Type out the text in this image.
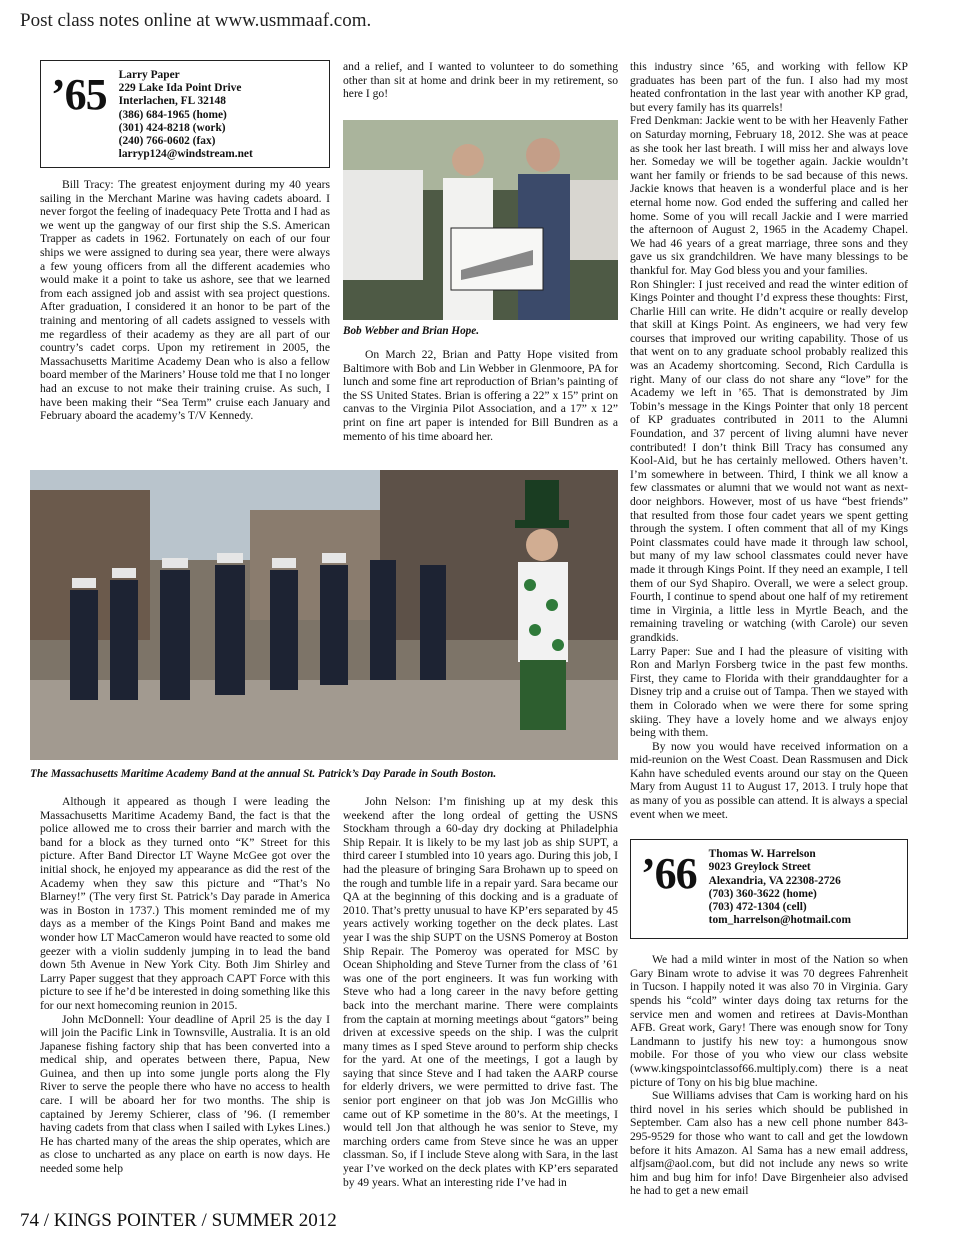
Post class notes online at www.usmmaaf.com.
’65 Larry Paper
229 Lake Ida Point Drive
Interlachen, FL 32148
(386) 684-1965 (home)
(301) 424-8218 (work)
(240) 766-0602 (fax)
larryp124@windstream.net

Bill Tracy: The greatest enjoyment during my 40 years sailing in the Merchant Marine was having cadets aboard. I never forgot the feeling of inadequacy Pete Trotta and I had as we went up the gangway of our first ship the S.S. American Trapper as cadets in 1962. Fortunately on each of our four ships we were assigned to during sea year, there were always a few young officers from all the different academies who would make it a point to take us ashore, see that we learned from each assigned job and assist with sea project questions. After graduation, I considered it an honor to be part of the training and mentoring of all cadets assigned to vessels with me regardless of their academy as they are all part of our country’s cadet corps. Upon my retirement in 2005, the Massachusetts Maritime Academy Dean who is also a fellow board member of the Mariners’ House told me that I no longer had an excuse to not make their training cruise. As such, I have been making their “Sea Term” cruise each January and February aboard the academy’s T/V Kennedy.

and a relief, and I wanted to volunteer to do something other than sit at home and drink beer in my retirement, so here I go!

Bob Webber and Brian Hope.

On March 22, Brian and Patty Hope visited from Baltimore with Bob and Lin Webber in Glenmoore, PA for lunch and some fine art reproduction of Brian’s painting of the SS United States. Brian is offering a 22” x 15” print on canvas to the Virginia Pilot Association, and a 17” x 12” print on fine art paper is intended for Bill Bundren as a memento of his time aboard her.

this industry since ’65, and working with fellow KP graduates has been part of the fun. I also had my most heated confrontation in the last year with another KP grad, but every family has its quarrels!

Fred Denkman: Jackie went to be with her Heavenly Father on Saturday morning, February 18, 2012. She was at peace as she took her last breath. I will miss her and always love her. Someday we will be together again. Jackie wouldn’t want her family or friends to be sad because of this news. Jackie knows that heaven is a wonderful place and is her eternal home now. God ended the suffering and called her home. Some of you will recall Jackie and I were married the afternoon of August 2, 1965 in the Academy Chapel. We had 46 years of a great marriage, three sons and they gave us six grandchildren. We have many blessings to be thankful for. May God bless you and your families.

Ron Shingler: I just received and read the winter edition of Kings Pointer and thought I’d express these thoughts: First, Charlie Hill can write. He didn’t acquire or really develop that skill at Kings Point. As engineers, we had very few courses that improved our writing capability. Those of us that went on to any graduate school probably realized this was an Academy shortcoming. Second, Rich Cardulla is right. Many of our class do not share any “love” for the Academy we left in ’65. That is demonstrated by Jim Tobin’s message in the Kings Pointer that only 18 percent of KP graduates contributed in 2011 to the Alumni Foundation, and 37 percent of living alumni have never contributed! I don’t think Bill Tracy has consumed any Kool-Aid, but he has certainly mellowed. Others haven’t. I’m somewhere in between. Third, I think we all know a few classmates or alumni that we would not want as next-door neighbors. However, most of us have “best friends” that resulted from those four cadet years we spent getting through the system. I often comment that all of my Kings Point classmates could have made it through law school, but many of my law school classmates could never have made it through Kings Point. If they need an example, I tell them of our Syd Shapiro. Overall, we were a select group. Fourth, I continue to spend about one half of my retirement time in Virginia, a little less in Myrtle Beach, and the remaining traveling or watching (with Carole) our seven grandkids.

Larry Paper: Sue and I had the pleasure of visiting with Ron and Marlyn Forsberg twice in the past few months. First, they came to Florida with their granddaughter for a Disney trip and a cruise out of Tampa. Then we stayed with them in Colorado when we were there for some spring skiing. They have a lovely home and we always enjoy being with them.

By now you would have received information on a mid-reunion on the West Coast. Dean Rassmusen and Dick Kahn have scheduled events around our stay on the Queen Mary from August 11 to August 17, 2013. I truly hope that as many of you as possible can attend. It is always a special event when we meet.

’66 Thomas W. Harrelson
9023 Greylock Street
Alexandria, VA 22308-2726
(703) 360-3622 (home)
(703) 472-1304 (cell)
tom_harrelson@hotmail.com

We had a mild winter in most of the Nation so when Gary Binam wrote to advise it was 70 degrees Fahrenheit in Tucson. I happily noted it was also 70 in Virginia. Gary spends his “cold” winter days doing tax returns for the service men and women and retirees at Davis-Monthan AFB. Great work, Gary! There was enough snow for Tony Landmann to justify his new toy: a humongous snow mobile. For those of you who view our class website (www.kingspointclassof66.multiply.com) there is a neat picture of Tony on his big blue machine.

Sue Williams advises that Cam is working hard on his third novel in his series which should be published in September. Cam also has a new cell phone number 843-295-9529 for those who want to call and get the lowdown before it hits Amazon. Al Sama has a new email address, alfjsam@aol.com, but did not include any news so write him and bug him for info! Dave Birgenheier also advised he had to get a new email

The Massachusetts Maritime Academy Band at the annual St. Patrick’s Day Parade in South Boston.

Although it appeared as though I were leading the Massachusetts Maritime Academy Band, the fact is that the police allowed me to cross their barrier and march with the band for a block as they turned onto “K” Street for this picture. After Band Director LT Wayne McGee got over the initial shock, he enjoyed my appearance as did the rest of the Academy when they saw this picture and “That’s No Blarney!” (The very first St. Patrick’s Day parade in America was in Boston in 1737.) This moment reminded me of my days as a member of the Kings Point Band and makes me wonder how LT MacCameron would have reacted to some old geezer with a violin suddenly jumping in to lead the band down 5th Avenue in New York City. Both Jim Shirley and Larry Paper suggest that they approach CAPT Force with this picture to see if he’d be interested in doing something like this for our next homecoming reunion in 2015.

John McDonnell: Your deadline of April 25 is the day I will join the Pacific Link in Townsville, Australia. It is an old Japanese fishing factory ship that has been converted into a medical ship, and operates between there, Papua, New Guinea, and then up into some jungle ports along the Fly River to serve the people there who have no access to health care. I will be aboard her for two months. The ship is captained by Jeremy Schierer, class of ’96. (I remember having cadets from that class when I sailed with Lykes Lines.) He has charted many of the areas the ship operates, which are as close to uncharted as any place on earth is now days. He needed some help

John Nelson: I’m finishing up at my desk this weekend after the long ordeal of getting the USNS Stockham through a 60-day dry docking at Philadelphia Ship Repair. It is likely to be my last job as ship SUPT, a third career I stumbled into 10 years ago. During this job, I had the pleasure of bringing Sara Brohawn up to speed on the rough and tumble life in a repair yard. Sara became our QA at the beginning of this docking and is a graduate of 2010. That’s pretty unusual to have KP’ers separated by 45 years actively working together on the deck plates. Last year I was the ship SUPT on the USNS Pomeroy at Boston Ship Repair. The Pomeroy was operated for MSC by Ocean Shipholding and Steve Turner from the class of ’61 was one of the port engineers. It was fun working with Steve who had a long career in the navy before getting back into the merchant marine. There were complaints from the captain at morning meetings about “gators” being driven at excessive speeds on the ship. I was the culprit many times as I sped Steve around to perform ship checks for the yard. At one of the meetings, I got a laugh by saying that since Steve and I had taken the AARP course for elderly drivers, we were permitted to drive fast. The senior port engineer on that job was Jon McGillis who came out of KP sometime in the 80’s. At the meetings, I would tell Jon that although he was senior to Steve, my marching orders came from Steve since he was an upper classman. So, if I include Steve along with Sara, in the last year I’ve worked on the deck plates with KP’ers separated by 49 years. What an interesting ride I’ve had in

74 / KINGS POINTER / SUMMER 2012
